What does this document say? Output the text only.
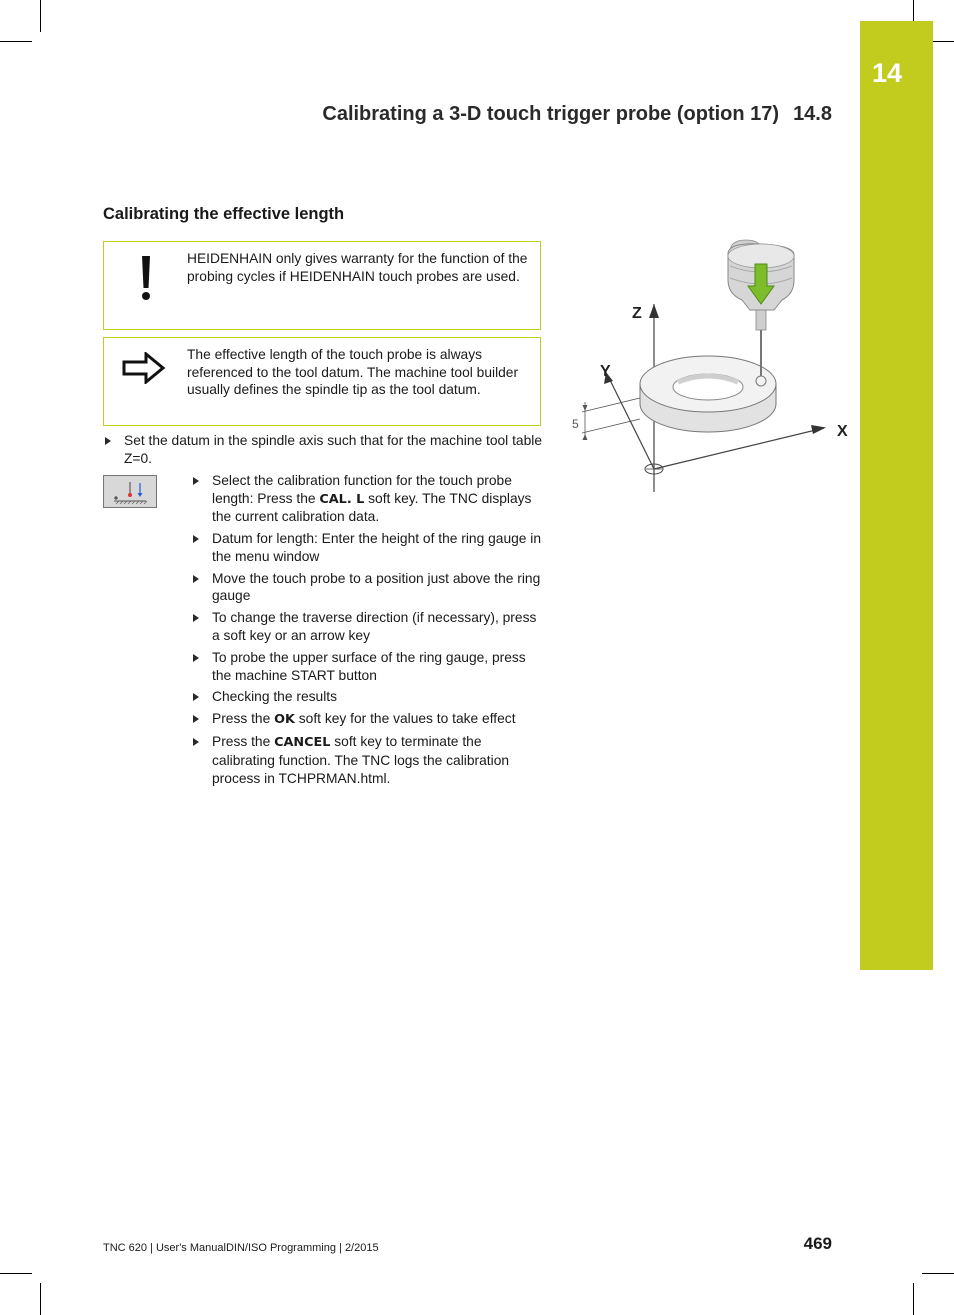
14
Calibrating a 3-D touch trigger probe (option 17) 14.8
Calibrating the effective length
HEIDENHAIN only gives warranty for the function of the probing cycles if HEIDENHAIN touch probes are used.
The effective length of the touch probe is always referenced to the tool datum. The machine tool builder usually defines the spindle tip as the tool datum.
Set the datum in the spindle axis such that for the machine tool table Z=0.
Select the calibration function for the touch probe length: Press the CAL. L soft key. The TNC displays the current calibration data.
Datum for length: Enter the height of the ring gauge in the menu window
Move the touch probe to a position just above the ring gauge
To change the traverse direction (if necessary), press a soft key or an arrow key
To probe the upper surface of the ring gauge, press the machine START button
Checking the results
Press the OK soft key for the values to take effect
Press the CANCEL soft key to terminate the calibrating function. The TNC logs the calibration process in TCHPRMAN.html.
5
Z
Y
X
TNC 620 | User's ManualDIN/ISO Programming | 2/2015	469
